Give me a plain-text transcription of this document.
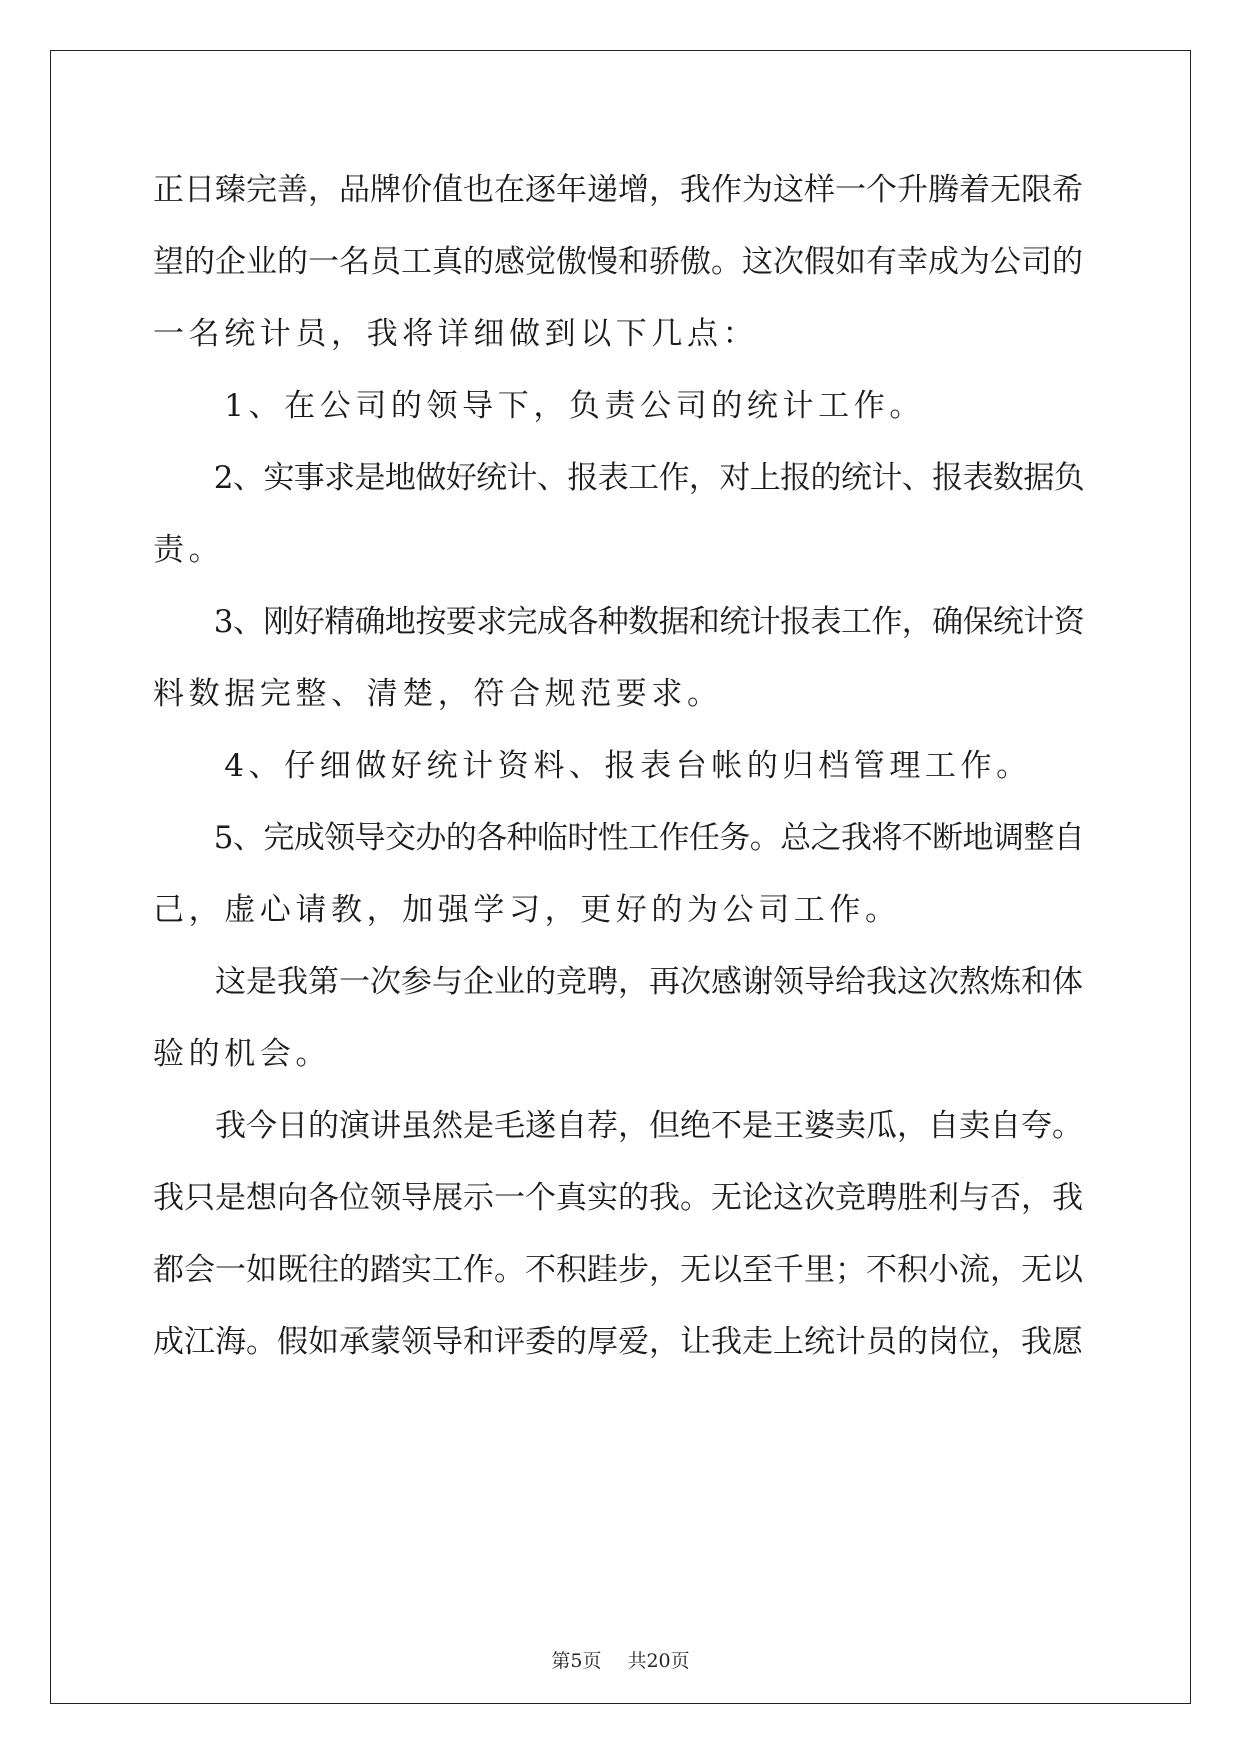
正日臻完善，品牌价值也在逐年递增，我作为这样一个升腾着无限希
望的企业的一名员工真的感觉傲慢和骄傲。这次假如有幸成为公司的
一名统计员，我将详细做到以下几点：
　　1、在公司的领导下，负责公司的统计工作。
　　2、实事求是地做好统计、报表工作，对上报的统计、报表数据负
责。
　　3、刚好精确地按要求完成各种数据和统计报表工作，确保统计资
料数据完整、清楚，符合规范要求。
　　4、仔细做好统计资料、报表台帐的归档管理工作。
　　5、完成领导交办的各种临时性工作任务。总之我将不断地调整自
己，虚心请教，加强学习，更好的为公司工作。
　　这是我第一次参与企业的竞聘，再次感谢领导给我这次熬炼和体
验的机会。
　　我今日的演讲虽然是毛遂自荐，但绝不是王婆卖瓜，自卖自夸。
我只是想向各位领导展示一个真实的我。无论这次竞聘胜利与否，我
都会一如既往的踏实工作。不积跬步，无以至千里；不积小流，无以
成江海。假如承蒙领导和评委的厚爱，让我走上统计员的岗位，我愿
第5页 共20页
